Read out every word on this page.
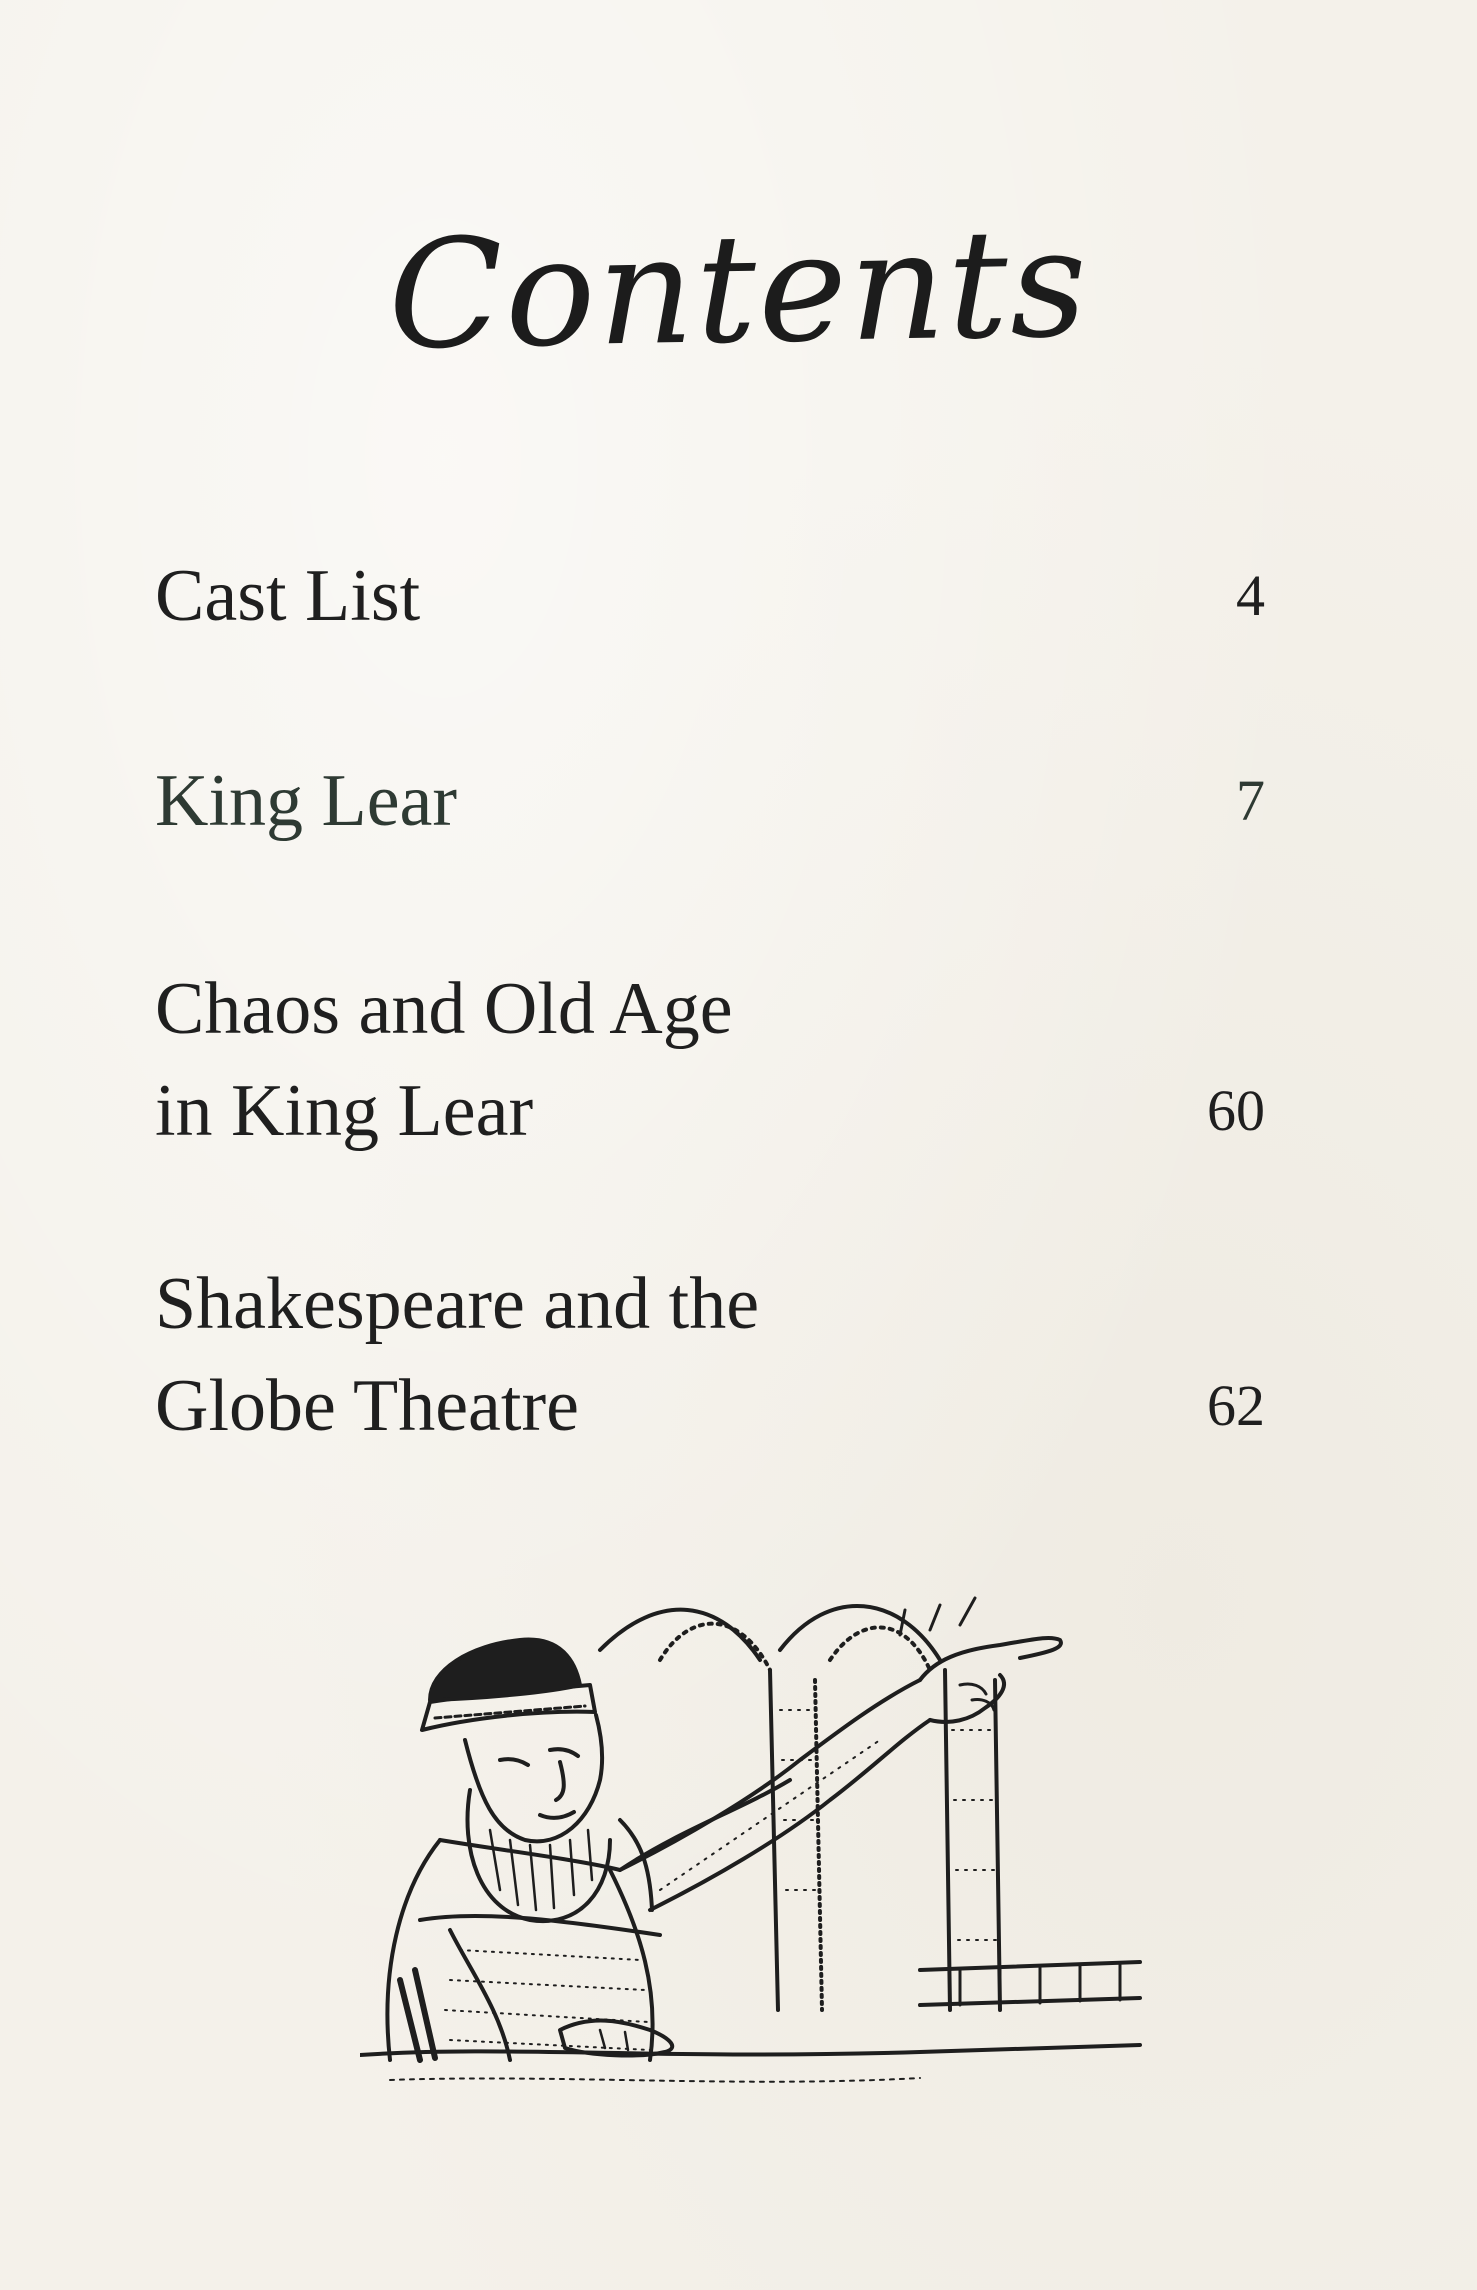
Contents
Cast List	4
King Lear	7
Chaos and Old Age
in King Lear	60
Shakespeare and the
Globe Theatre	62
